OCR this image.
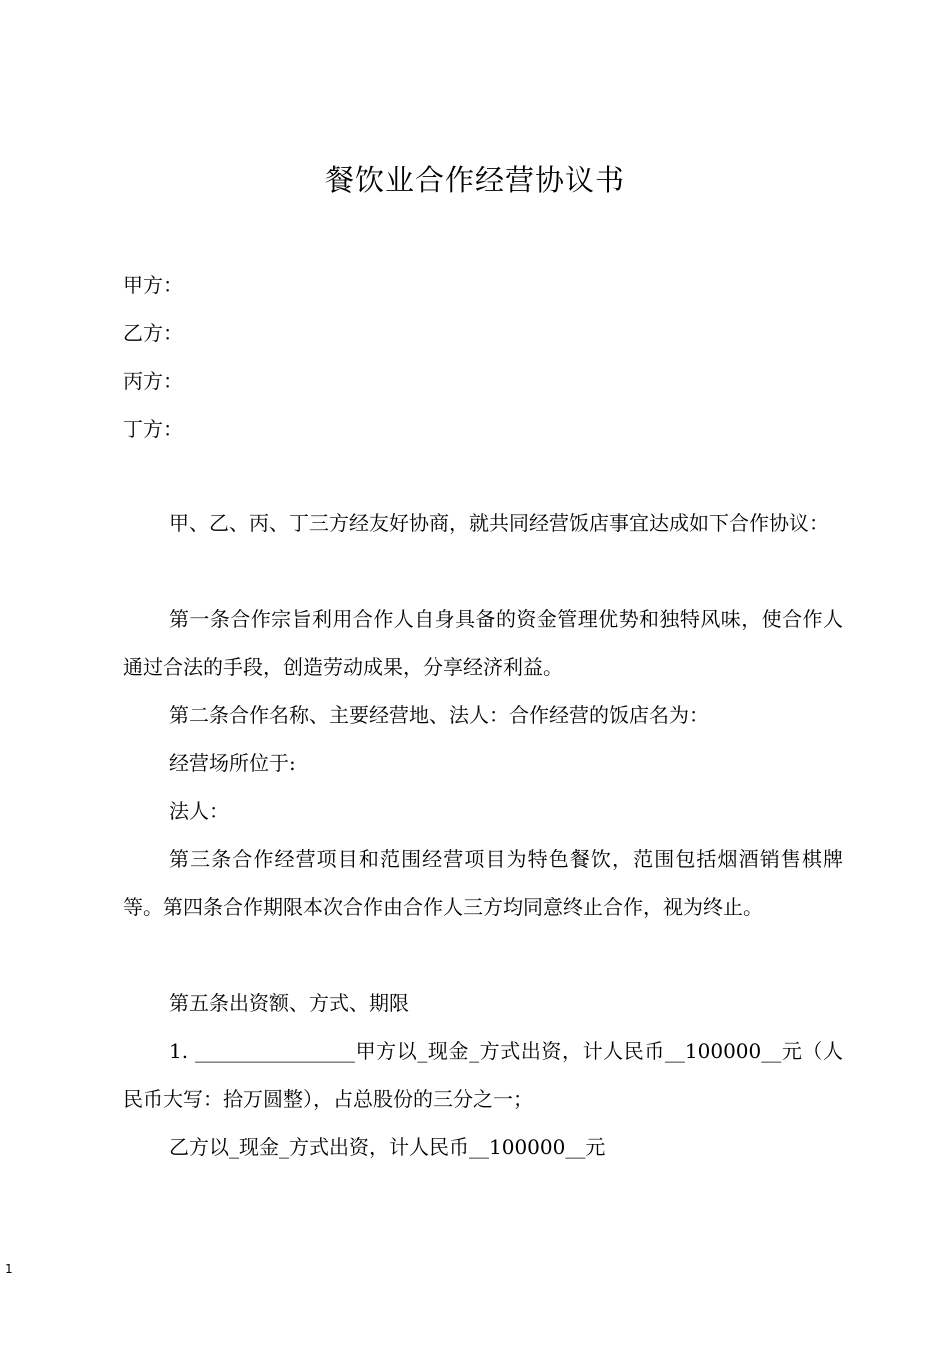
餐饮业合作经营协议书
甲方：
乙方：
丙方：
丁方：
甲、乙、丙、丁三方经友好协商，就共同经营饭店事宜达成如下合作协议：
第一条合作宗旨利用合作人自身具备的资金管理优势和独特风味，使合作人通过合法的手段，创造劳动成果，分享经济利益。
第二条合作名称、主要经营地、法人：合作经营的饭店名为：
经营场所位于:
法人：
第三条合作经营项目和范围经营项目为特色餐饮，范围包括烟酒销售棋牌等。第四条合作期限本次合作由合作人三方均同意终止合作，视为终止。
第五条出资额、方式、期限
1. ________________甲方以_现金_方式出资，计人民币__100000__元（人民币大写：拾万圆整），占总股份的三分之一；
乙方以_现金_方式出资，计人民币__100000__元
1
